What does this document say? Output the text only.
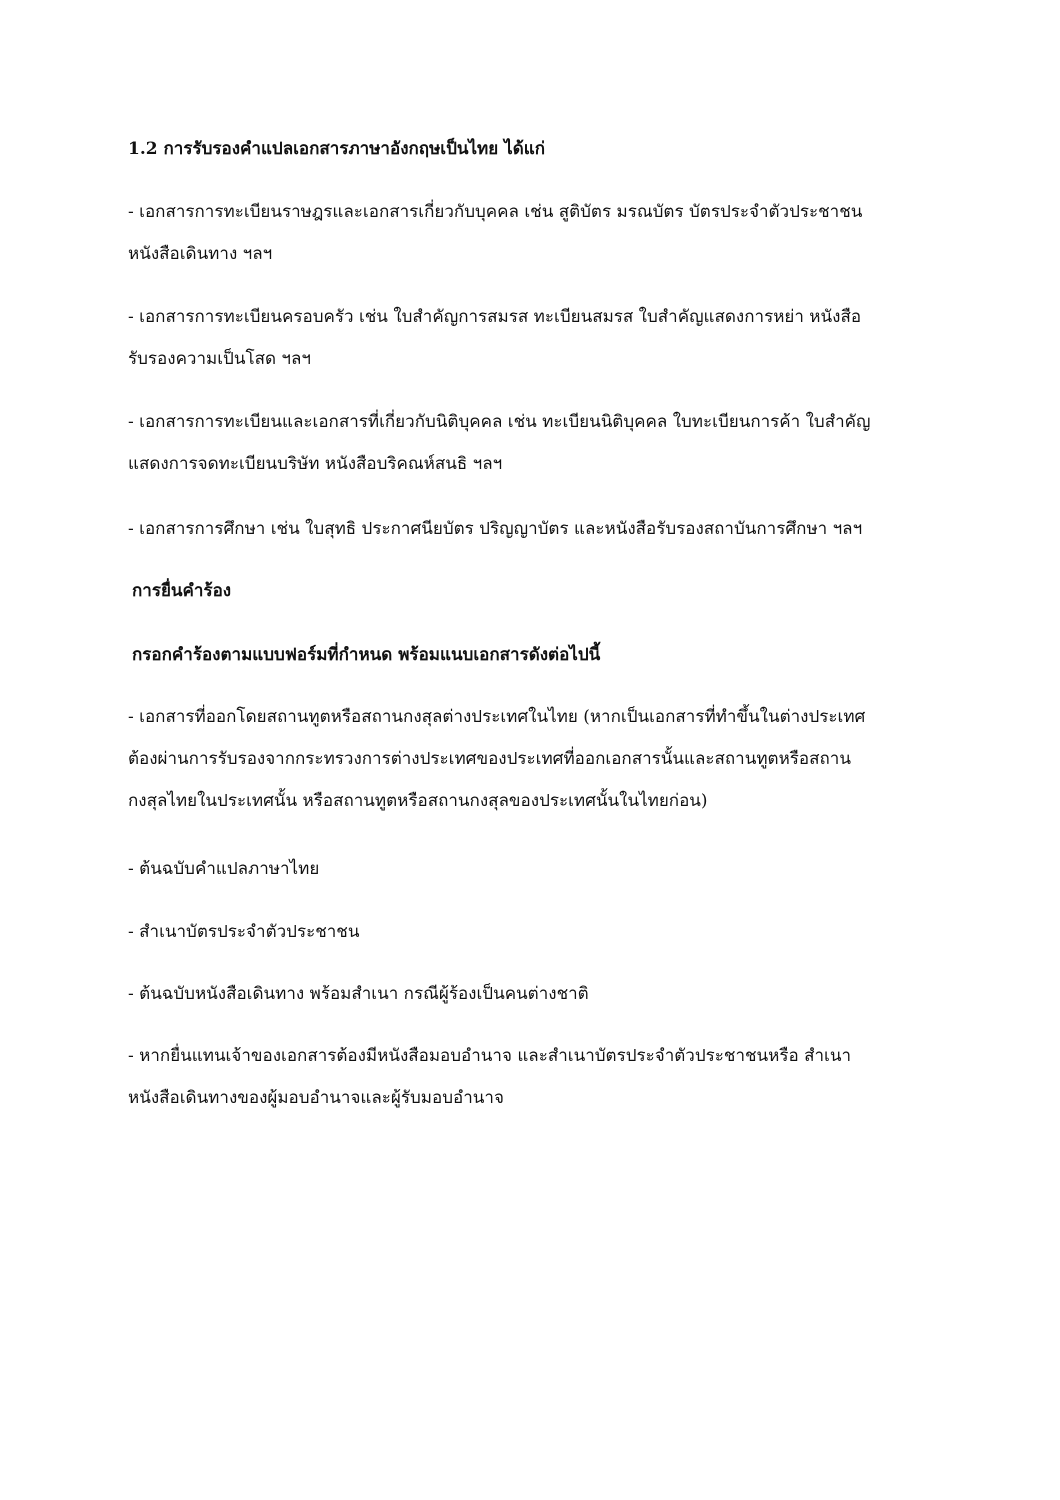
1.2 การรับรองคำแปลเอกสารภาษาอังกฤษเป็นไทย ได้แก่

- เอกสารการทะเบียนราษฎรและเอกสารเกี่ยวกับบุคคล เช่น สูติบัตร มรณบัตร บัตรประจำตัวประชาชน
หนังสือเดินทาง ฯลฯ

- เอกสารการทะเบียนครอบครัว เช่น ใบสำคัญการสมรส ทะเบียนสมรส ใบสำคัญแสดงการหย่า หนังสือ
รับรองความเป็นโสด ฯลฯ

- เอกสารการทะเบียนและเอกสารที่เกี่ยวกับนิติบุคคล เช่น ทะเบียนนิติบุคคล ใบทะเบียนการค้า ใบสำคัญ
แสดงการจดทะเบียนบริษัท หนังสือบริคณห์สนธิ ฯลฯ

- เอกสารการศึกษา เช่น ใบสุทธิ ประกาศนียบัตร ปริญญาบัตร และหนังสือรับรองสถาบันการศึกษา ฯลฯ

การยื่นคำร้อง

กรอกคำร้องตามแบบฟอร์มที่กำหนด พร้อมแนบเอกสารดังต่อไปนี้

- เอกสารที่ออกโดยสถานทูตหรือสถานกงสุลต่างประเทศในไทย (หากเป็นเอกสารที่ทำขึ้นในต่างประเทศ
ต้องผ่านการรับรองจากกระทรวงการต่างประเทศของประเทศที่ออกเอกสารนั้นและสถานทูตหรือสถาน
กงสุลไทยในประเทศนั้น หรือสถานทูตหรือสถานกงสุลของประเทศนั้นในไทยก่อน)

- ต้นฉบับคำแปลภาษาไทย

- สำเนาบัตรประจำตัวประชาชน

- ต้นฉบับหนังสือเดินทาง พร้อมสำเนา กรณีผู้ร้องเป็นคนต่างชาติ

- หากยื่นแทนเจ้าของเอกสารต้องมีหนังสือมอบอำนาจ และสำเนาบัตรประจำตัวประชาชนหรือ สำเนา
หนังสือเดินทางของผู้มอบอำนาจและผู้รับมอบอำนาจ
